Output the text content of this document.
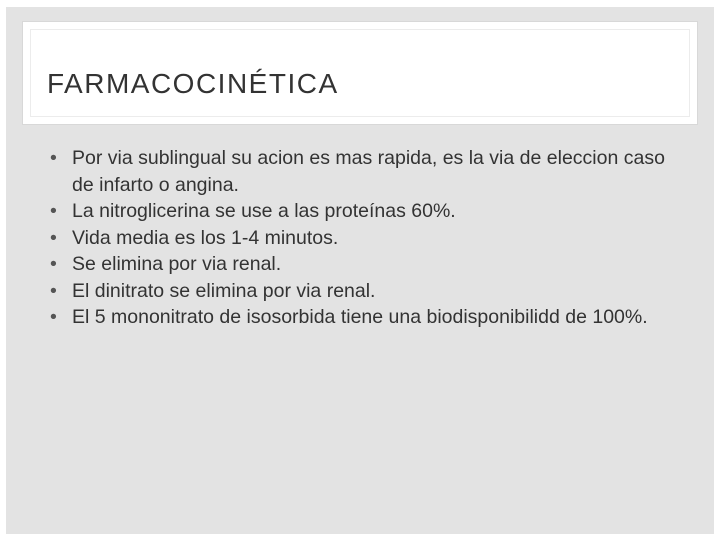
FARMACOCINÉTICA
• Por via sublingual su acion es mas rapida, es la via de eleccion caso de infarto o angina.
• La nitroglicerina se use a las proteínas 60%.
• Vida media es los 1-4 minutos.
• Se elimina por via renal.
• El dinitrato se elimina por via renal.
• El 5 mononitrato de isosorbida tiene una biodisponibilidd de 100%.
